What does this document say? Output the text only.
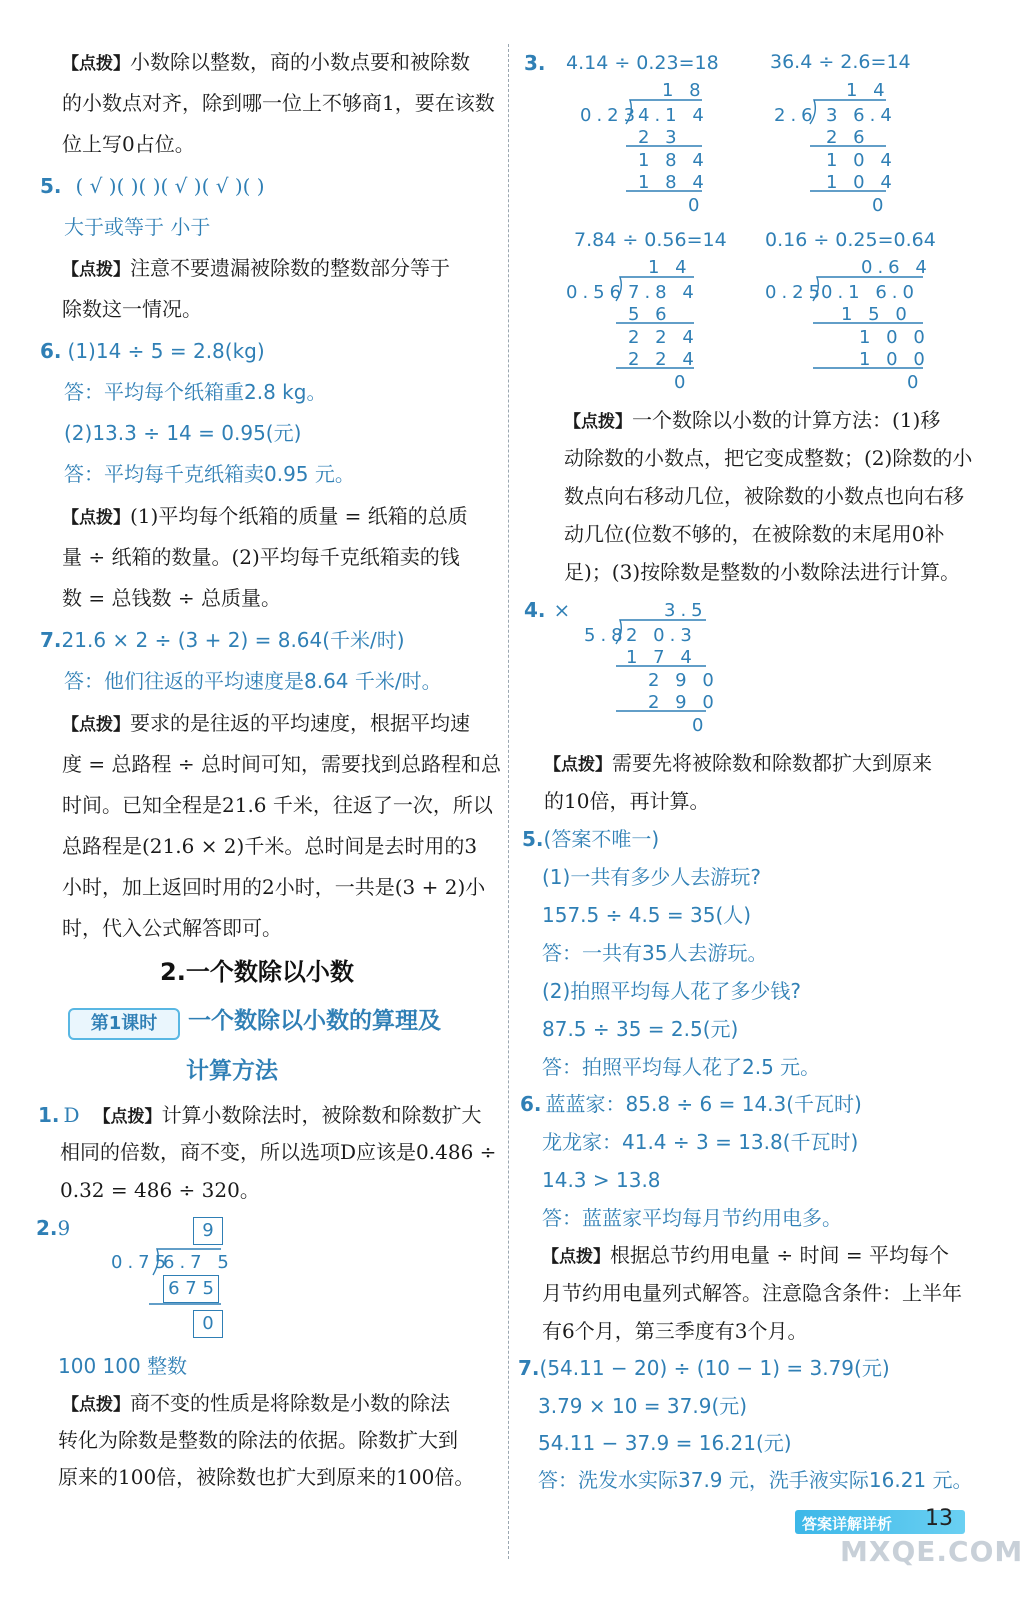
【点拨】小数除以整数，商的小数点要和被除数
的小数点对齐，除到哪一位上不够商1，要在该数
位上写0占位。
5. ( √ )( )( )( √ )( √ )( )
大于或等于 小于
【点拨】注意不要遗漏被除数的整数部分等于
除数这一情况。
6. (1)14 ÷ 5 = 2.8(kg)
答：平均每个纸箱重2.8 kg。
(2)13.3 ÷ 14 = 0.95(元)
答：平均每千克纸箱卖0.95 元。
【点拨】(1)平均每个纸箱的质量 = 纸箱的总质
量 ÷ 纸箱的数量。(2)平均每千克纸箱卖的钱
数 = 总钱数 ÷ 总质量。
7.21.6 × 2 ÷ (3 + 2) = 8.64(千米/时)
答：他们往返的平均速度是8.64 千米/时。
【点拨】要求的是往返的平均速度，根据平均速
度 = 总路程 ÷ 总时间可知，需要找到总路程和总
时间。已知全程是21.6 千米，往返了一次，所以
总路程是(21.6 × 2)千米。总时间是去时用的3
小时，加上返回时用的2小时，一共是(3 + 2)小
时，代入公式解答即可。
2.一个数除以小数
第1课时	一个数除以小数的算理及
计算方法
1. D 【点拨】计算小数除法时，被除数和除数扩大
相同的倍数，商不变，所以选项D应该是0.486 ÷
0.32 = 486 ÷ 320。
2.9	9
0.75
6.7 5
6 7 5
0
100 100 整数
【点拨】商不变的性质是将除数是小数的除法
转化为除数是整数的除法的依据。除数扩大到
原来的100倍，被除数也扩大到原来的100倍。
3. 4.14 ÷ 0.23=18	36.4 ÷ 2.6=14
1 8
0.23
4.1 4
2 3
1 8 4
1 8 4
0
1 4
2.6 3 6.4
2 6
1 0 4
1 0 4
0
7.84 ÷ 0.56=14 0.16 ÷ 0.25=0.64
1 4
0.56 7.8 4
5 6
2 2 4
2 2 4
0
0.6 4
0.25
0.1 6.0
1 5 0
1 0 0
1 0 0
0
【点拨】一个数除以小数的计算方法：(1)移
动除数的小数点，把它变成整数；(2)除数的小
数点向右移动几位，被除数的小数点也向右移
动几位(位数不够的，在被除数的末尾用0补
足)；(3)按除数是整数的小数除法进行计算。
4. ×	3.5
5.8
2 0.3
1 7 4
2 9 0
2 9 0
0
【点拨】需要先将被除数和除数都扩大到原来
的10倍，再计算。
5.(答案不唯一)
(1)一共有多少人去游玩?
157.5 ÷ 4.5 = 35(人)
答：一共有35人去游玩。
(2)拍照平均每人花了多少钱?
87.5 ÷ 35 = 2.5(元)
答：拍照平均每人花了2.5 元。
6. 蓝蓝家：85.8 ÷ 6 = 14.3(千瓦时)
龙龙家：41.4 ÷ 3 = 13.8(千瓦时)
14.3 > 13.8
答：蓝蓝家平均每月节约用电多。
【点拨】根据总节约用电量 ÷ 时间 = 平均每个
月节约用电量列式解答。注意隐含条件：上半年
有6个月，第三季度有3个月。
7.(54.11 − 20) ÷ (10 − 1) = 3.79(元)
3.79 × 10 = 37.9(元)
54.11 − 37.9 = 16.21(元)
答：洗发水实际37.9 元，洗手液实际16.21 元。
答案详解详析 13
MXQE.COM
